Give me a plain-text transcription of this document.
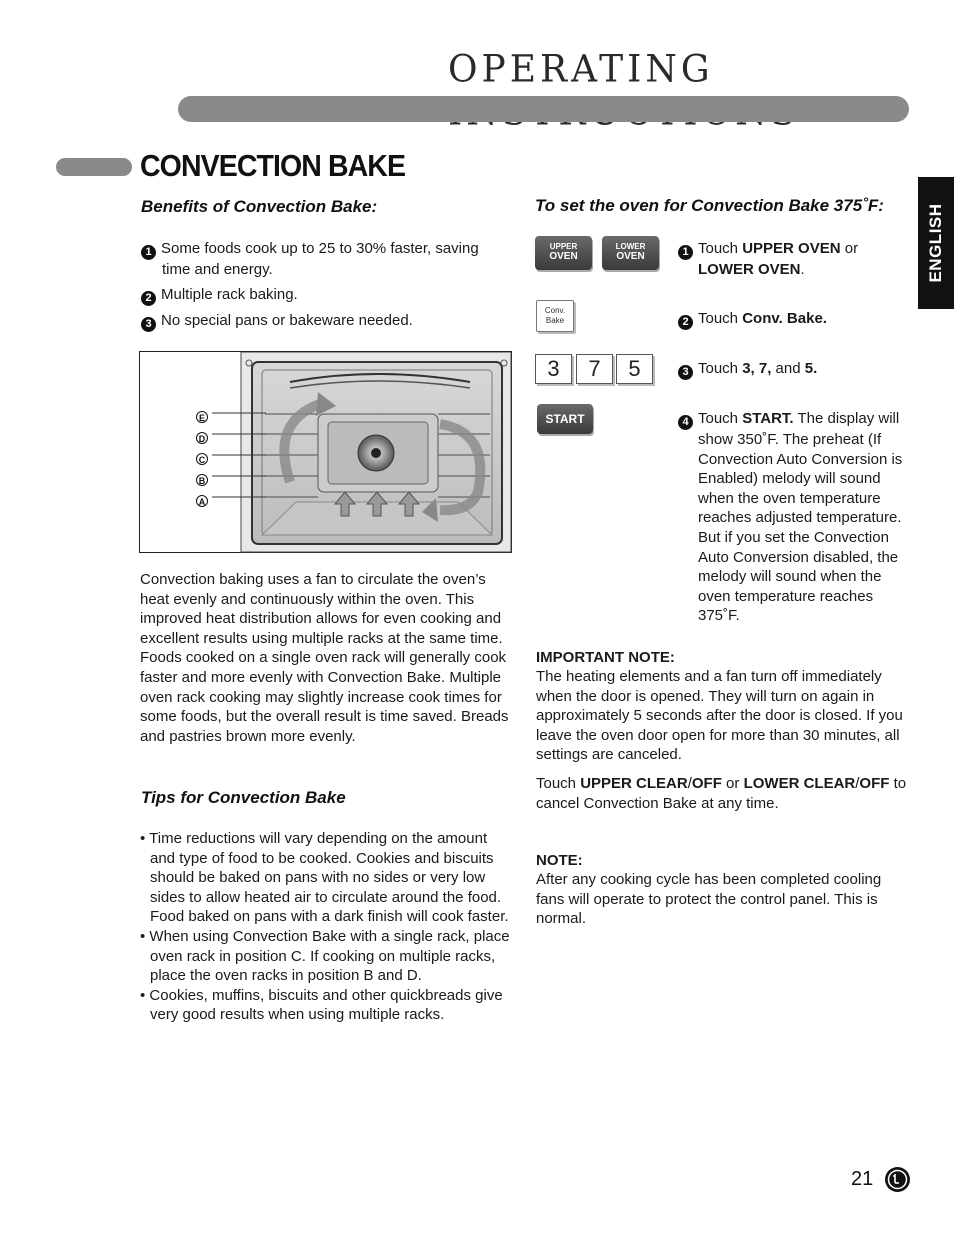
OPERATING
CONVECTION BAKE
ENGLISH
Benefits of Convection Bake:
1 Some foods cook up to 25 to 30% faster, saving
time and energy.
2 Multiple rack baking.
3 No special pans or bakeware needed.
E
D
C
B
A
Convection baking uses a fan to circulate the oven’s heat evenly and continuously within the oven. This improved heat distribution allows for even cooking and excellent results using multiple racks at the same time. Foods cooked on a single oven rack will generally cook faster and more evenly with Convection Bake. Multiple oven rack cooking may slightly increase cook times for some foods, but the overall result is time saved. Breads and pastries brown more evenly.
Tips for Convection Bake
• Time reductions will vary depending on the amount and type of food to be cooked. Cookies and biscuits should be baked on pans with no sides or very low sides to allow heated air to circulate around the food. Food baked on pans with a dark finish will cook faster.
• When using Convection Bake with a single rack, place oven rack in position C. If cooking on multiple racks, place the oven racks in position B and D.
• Cookies, muffins, biscuits and other quickbreads give very good results when using multiple racks.
To set the oven for Convection Bake 375˚F:
UPPER
OVEN
LOWER
OVEN
Conv.
Bake
3	7	5
START
1 Touch UPPER OVEN or
LOWER OVEN.
2 Touch Conv. Bake.
3 Touch 3, 7, and 5.
4 Touch START. The display will show 350˚F. The preheat (If Convection Auto Conversion is Enabled) melody will sound when the oven temperature reaches adjusted temperature. But if you set the Convection Auto Conversion disabled, the melody will sound when the oven temperature reaches 375˚F.
IMPORTANT NOTE:
The heating elements and a fan turn off immediately when the door is opened. They will turn on again in approximately 5 seconds after the door is closed. If you leave the oven door open for more than 30 minutes, all settings are canceled.
Touch UPPER CLEAR/OFF or LOWER CLEAR/OFF to cancel Convection Bake at any time.
NOTE:
After any cooking cycle has been completed cooling fans will operate to protect the control panel. This is normal.
21
